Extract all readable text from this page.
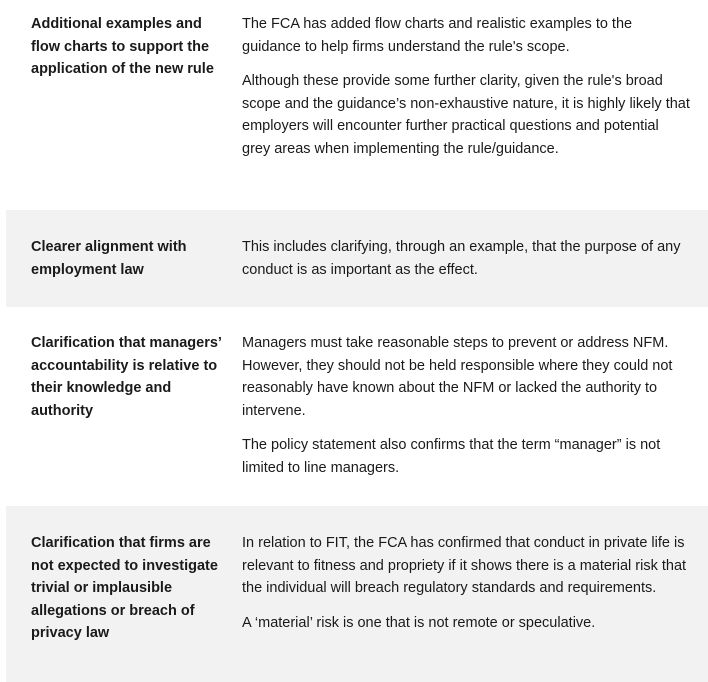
Additional examples and flow charts to support the application of the new rule

The FCA has added flow charts and realistic examples to the guidance to help firms understand the rule's scope.

Although these provide some further clarity, given the rule's broad scope and the guidance’s non-exhaustive nature, it is highly likely that employers will encounter further practical questions and potential grey areas when implementing the rule/guidance.

Clearer alignment with employment law

This includes clarifying, through an example, that the purpose of any conduct is as important as the effect.

Clarification that managers’ accountability is relative to their knowledge and authority

Managers must take reasonable steps to prevent or address NFM. However, they should not be held responsible where they could not reasonably have known about the NFM or lacked the authority to intervene.

The policy statement also confirms that the term “manager” is not limited to line managers.

Clarification that firms are not expected to investigate trivial or implausible allegations or breach of privacy law

In relation to FIT, the FCA has confirmed that conduct in private life is relevant to fitness and propriety if it shows there is a material risk that the individual will breach regulatory standards and requirements.

A ‘material’ risk is one that is not remote or speculative.
